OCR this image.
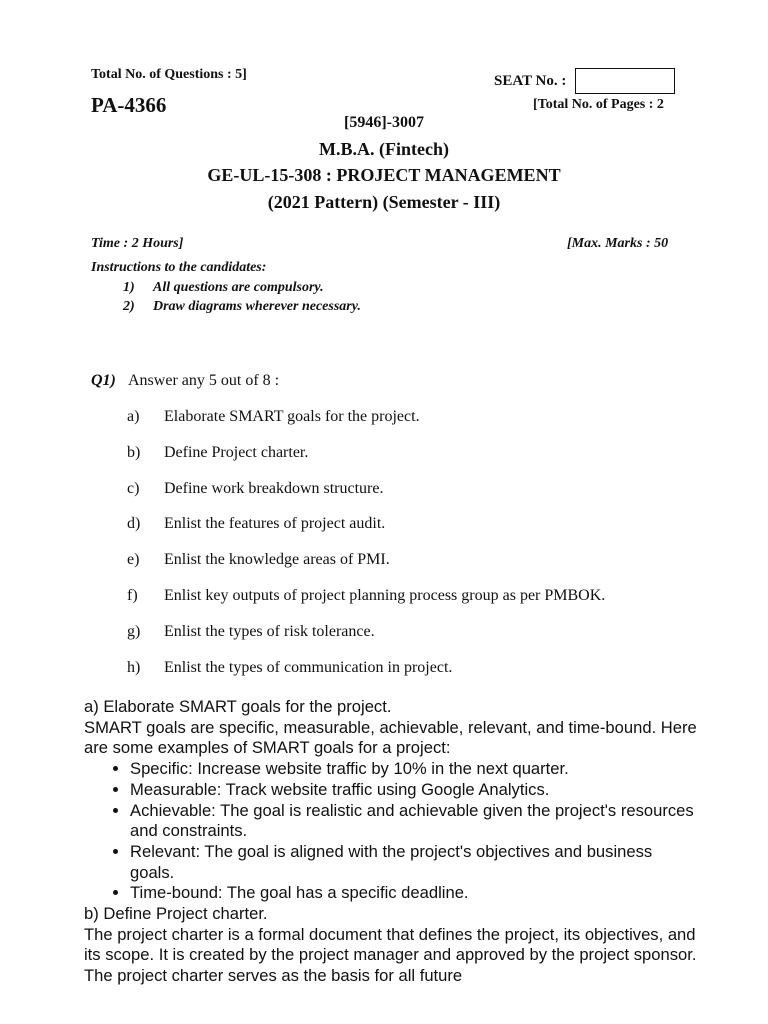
Total No. of Questions : 5]	SEAT No. :
PA-4366	[Total No. of Pages : 2
[5946]-3007
M.B.A. (Fintech)
GE-UL-15-308 : PROJECT MANAGEMENT
(2021 Pattern) (Semester - III)
Time : 2 Hours]	[Max. Marks : 50
Instructions to the candidates:
1) All questions are compulsory.
2) Draw diagrams wherever necessary.
Q1) Answer any 5 out of 8 :
a) Elaborate SMART goals for the project.
b) Define Project charter.
c) Define work breakdown structure.
d) Enlist the features of project audit.
e) Enlist the knowledge areas of PMI.
f) Enlist key outputs of project planning process group as per PMBOK.
g) Enlist the types of risk tolerance.
h) Enlist the types of communication in project.

a) Elaborate SMART goals for the project.

SMART goals are specific, measurable, achievable, relevant, and time-bound. Here are some examples of SMART goals for a project:

• Specific: Increase website traffic by 10% in the next quarter.
• Measurable: Track website traffic using Google Analytics.
• Achievable: The goal is realistic and achievable given the project's resources and constraints.
• Relevant: The goal is aligned with the project's objectives and business goals.
• Time-bound: The goal has a specific deadline.

b) Define Project charter.

The project charter is a formal document that defines the project, its objectives, and its scope. It is created by the project manager and approved by the project sponsor. The project charter serves as the basis for all future
